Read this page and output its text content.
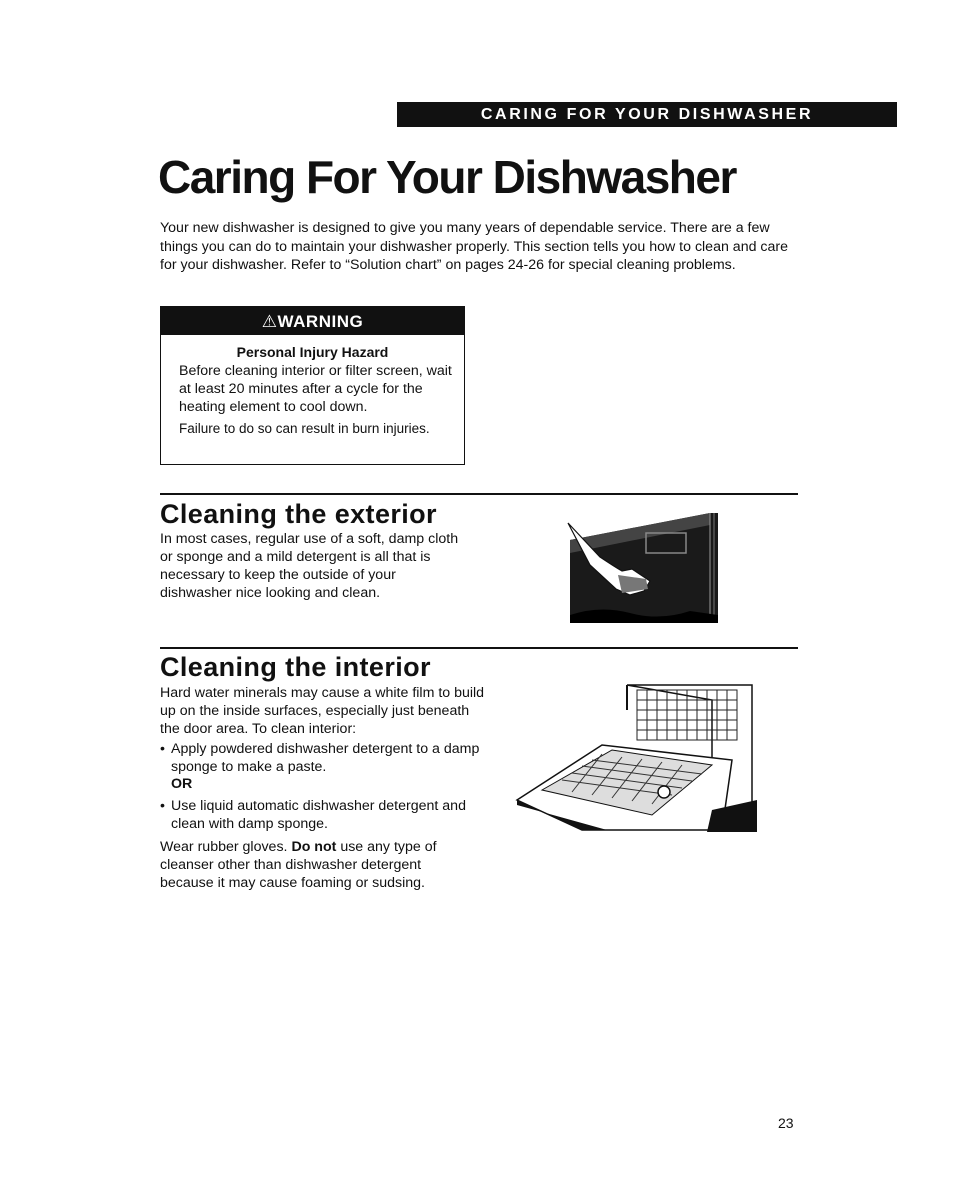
CARING FOR YOUR DISHWASHER
Caring For Your Dishwasher

Your new dishwasher is designed to give you many years of dependable service. There are a few things you can do to maintain your dishwasher properly. This section tells you how to clean and care for your dishwasher. Refer to “Solution chart” on pages 24-26 for special cleaning problems.

⚠WARNING
Personal Injury Hazard

Before cleaning interior or filter screen, wait at least 20 minutes after a cycle for the heating element to cool down.

Failure to do so can result in burn injuries.

Cleaning the exterior

In most cases, regular use of a soft, damp cloth or sponge and a mild detergent is all that is necessary to keep the outside of your dishwasher nice looking and clean.

Cleaning the interior

Hard water minerals may cause a white film to build up on the inside surfaces, especially just beneath the door area. To clean interior:

• Apply powdered dishwasher detergent to a damp sponge to make a paste.
OR
• Use liquid automatic dishwasher detergent and clean with damp sponge.

Wear rubber gloves. Do not use any type of cleanser other than dishwasher detergent because it may cause foaming or sudsing.

23
